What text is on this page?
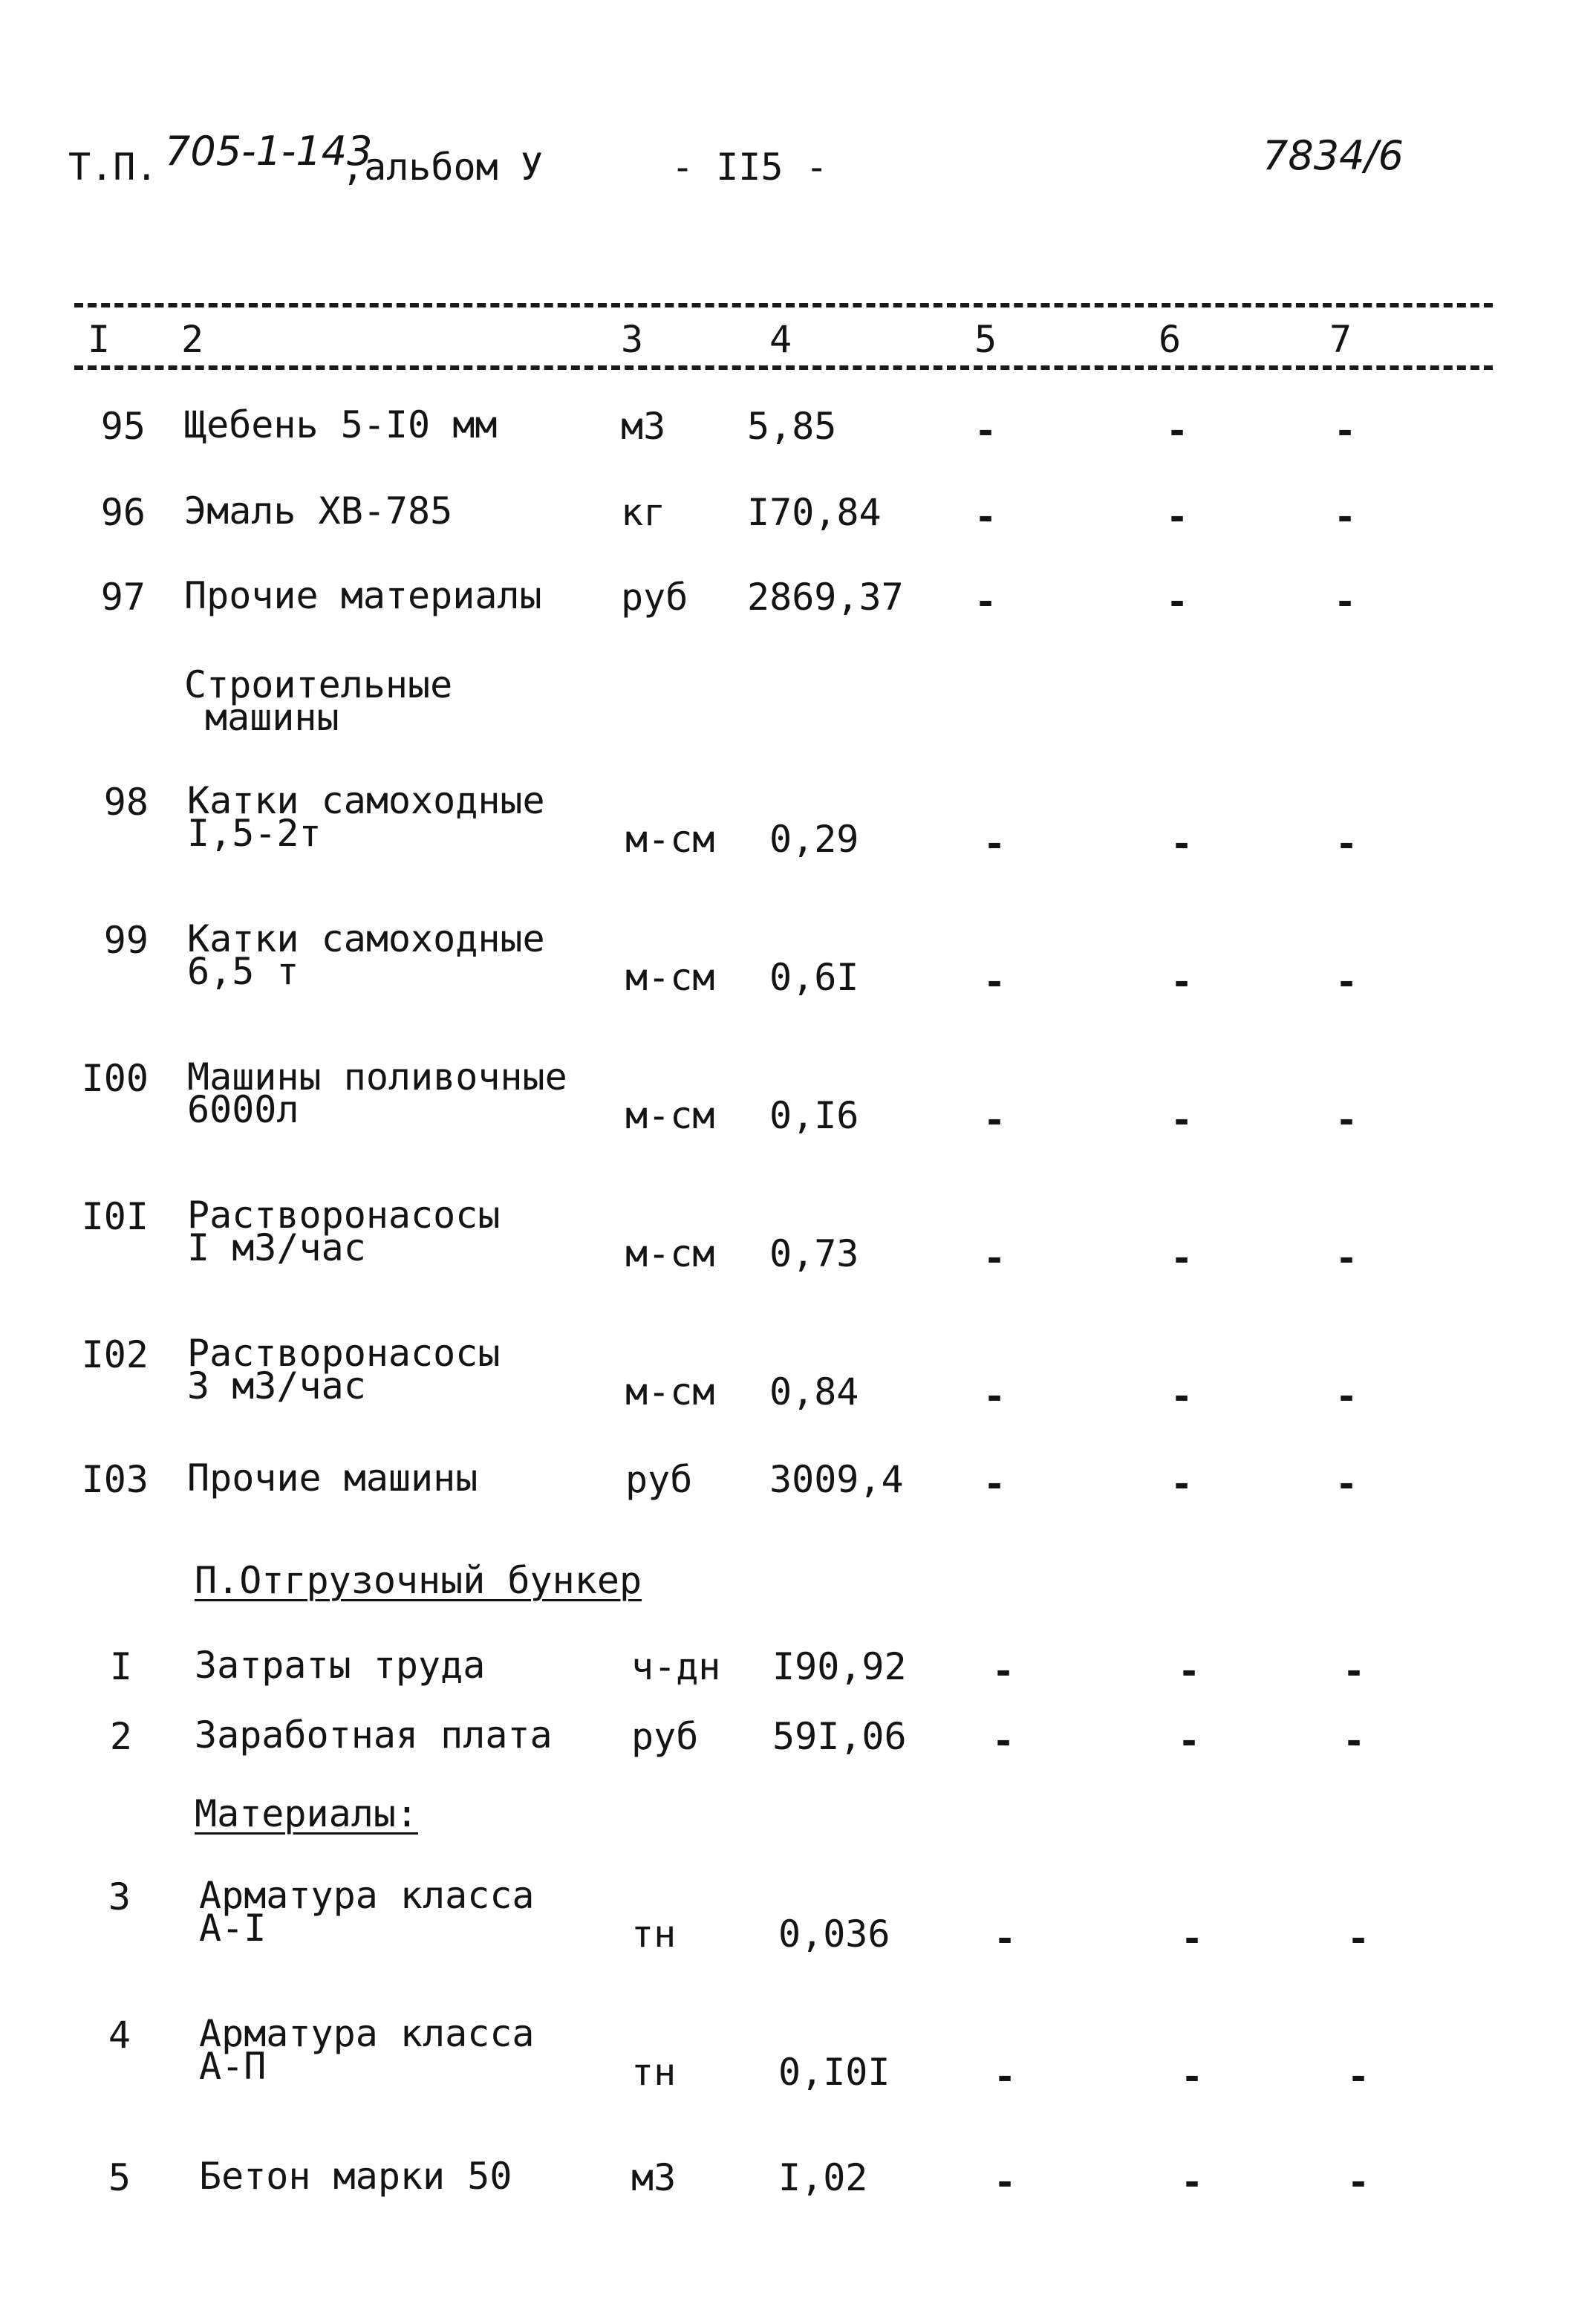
Т.П. 705-1-143
,альбом У	- II5 -	7834/6
I 2	3	4	5	6	7
95 Щебень 5-I0 мм	м3 5,85	-	-	-
96 Эмаль ХВ-785	кг I70,84	-	-	-
97 Прочие материалы руб 2869,37 -	-	-
Строительные
машины
98 Катки самоходные
I,5-2т	м-см 0,29	-	-	-
99 Катки самоходные
6,5 т	м-см 0,6I	-	-	-
I00 Машины поливочные
6000л	м-см 0,I6	-	-	-
I0I Растворонасосы
I м3/час	м-см 0,73	-	-	-
I02 Растворонасосы
3 м3/час	м-см 0,84	-	-	-
I03 Прочие машины	руб 3009,4 -	-	-
П.Отгрузочный бункер
I Затраты труда	ч-дн I90,92 -	-	-
2 Заработная плата руб 59I,06 -	-	-
Материалы:
3 Арматура класса
А-I	тн	0,036	-	-	-
4 Арматура класса
А-П	тн	0,I0I	-	-	-
5 Бетон марки 50	м3	I,02	-	-	-
